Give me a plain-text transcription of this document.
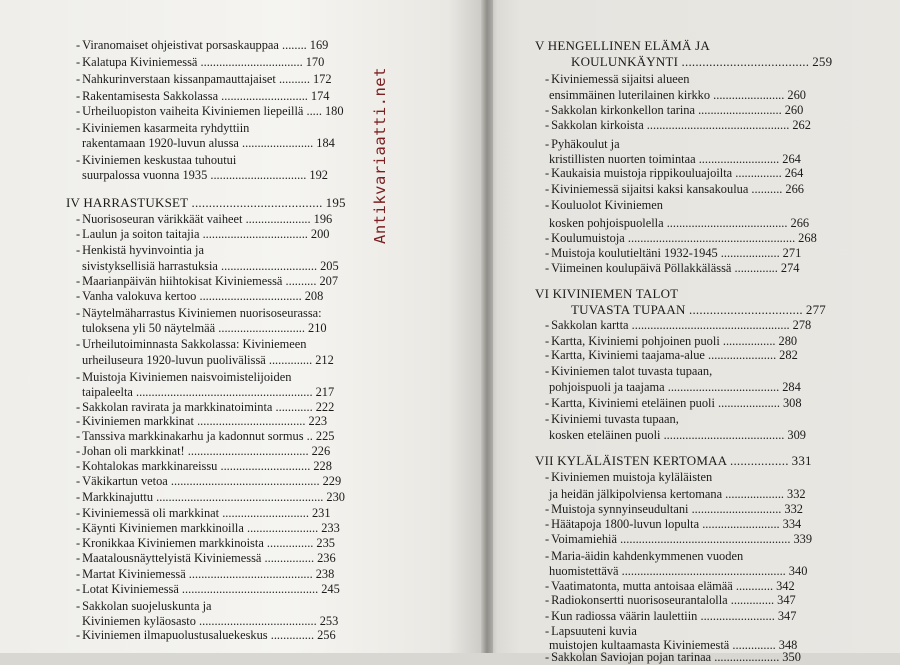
- Viranomaiset ohjeistivat porsaskauppaa ........ 169
- Kalatupa Kiviniemessä ................................. 170
- Nahkurinverstaan kissanpamauttajaiset .......... 172
- Rakentamisesta Sakkolassa ............................ 174
- Urheiluopiston vaiheita Kiviniemen liepeillä ..... 180
- Kiviniemen kasarmeita ryhdyttiin
rakentamaan 1920-luvun alussa ....................... 184
- Kiviniemen keskustaa tuhoutui
suurpalossa vuonna 1935 ............................... 192
IV HARRASTUKSET ...................................... 195
- Nuorisoseuran värikkäät vaiheet ..................... 196
- Laulun ja soiton taitajia .................................. 200
- Henkistä hyvinvointia ja
sivistyksellisiä harrastuksia ............................... 205
- Maarianpäivän hiihtokisat Kiviniemessä .......... 207
- Vanha valokuva kertoo ................................. 208
- Näytelmäharrastus Kiviniemen nuorisoseurassa:
tuloksena yli 50 näytelmää ............................ 210
- Urheilutoiminnasta Sakkolassa: Kiviniemeen
urheiluseura 1920-luvun puolivälissä .............. 212
- Muistoja Kiviniemen naisvoimistelijoiden
taipaleelta ......................................................... 217
- Sakkolan ravirata ja markkinatoiminta ............ 222
- Kiviniemen markkinat ................................... 223
- Tanssiva markkinakarhu ja kadonnut sormus .. 225
- Johan oli markkinat! ....................................... 226
- Kohtalokas markkinareissu ............................. 228
- Väkikartun vetoa ................................................ 229
- Markkinajuttu ...................................................... 230
- Kiviniemessä oli markkinat ............................ 231
- Käynti Kiviniemen markkinoilla ....................... 233
- Kronikkaa Kiviniemen markkinoista ............... 235
- Maatalousnäyttelyistä Kiviniemessä ................ 236
- Martat Kiviniemessä ........................................ 238
- Lotat Kiviniemessä ............................................ 245
- Sakkolan suojeluskunta ja
Kiviniemen kyläosasto ...................................... 253
- Kiviniemen ilmapuolustusaluekeskus .............. 256
V HENGELLINEN ELÄMÄ JA
KOULUNKÄYNTI ..................................... 259
- Kiviniemessä sijaitsi alueen
ensimmäinen luterilainen kirkko ....................... 260
- Sakkolan kirkonkellon tarina ........................... 260
- Sakkolan kirkoista .............................................. 262
- Pyhäkoulut ja
kristillisten nuorten toimintaa .......................... 264
- Kaukaisia muistoja rippikouluajoilta ............... 264
- Kiviniemessä sijaitsi kaksi kansakoulua .......... 266
- Kouluolot Kiviniemen
kosken pohjoispuolella ....................................... 266
- Koulumuistoja ...................................................... 268
- Muistoja koulutieltäni 1932-1945 ................... 271
- Viimeinen koulupäivä Pöllakkälässä .............. 274
VI KIVINIEMEN TALOT
TUVASTA TUPAAN ................................. 277
- Sakkolan kartta ................................................... 278
- Kartta, Kiviniemi pohjoinen puoli ................. 280
- Kartta, Kiviniemi taajama-alue ...................... 282
- Kiviniemen talot tuvasta tupaan,
pohjoispuoli ja taajama .................................... 284
- Kartta, Kiviniemi eteläinen puoli .................... 308
- Kiviniemi tuvasta tupaan,
kosken eteläinen puoli ....................................... 309
VII KYLÄLÄISTEN KERTOMAA ................. 331
- Kiviniemen muistoja kyläläisten
ja heidän jälkipolviensa kertomana ................... 332
- Muistoja synnyinseudultani ............................. 332
- Häätapoja 1800-luvun lopulta ......................... 334
- Voimamiehiä ....................................................... 339
- Maria-äidin kahdenkymmenen vuoden
huomistettävä ..................................................... 340
- Vaatimatonta, mutta antoisaa elämää ............ 342
- Radiokonsertti nuorisoseurantalolla .............. 347
- Kun radiossa väärin laulettiin ........................ 347
- Lapsuuteni kuvia
muistojen kultaamasta Kiviniemestä .............. 348
- Sakkolan Saviojan pojan tarinaa ..................... 350
Antikvariaatti.net
